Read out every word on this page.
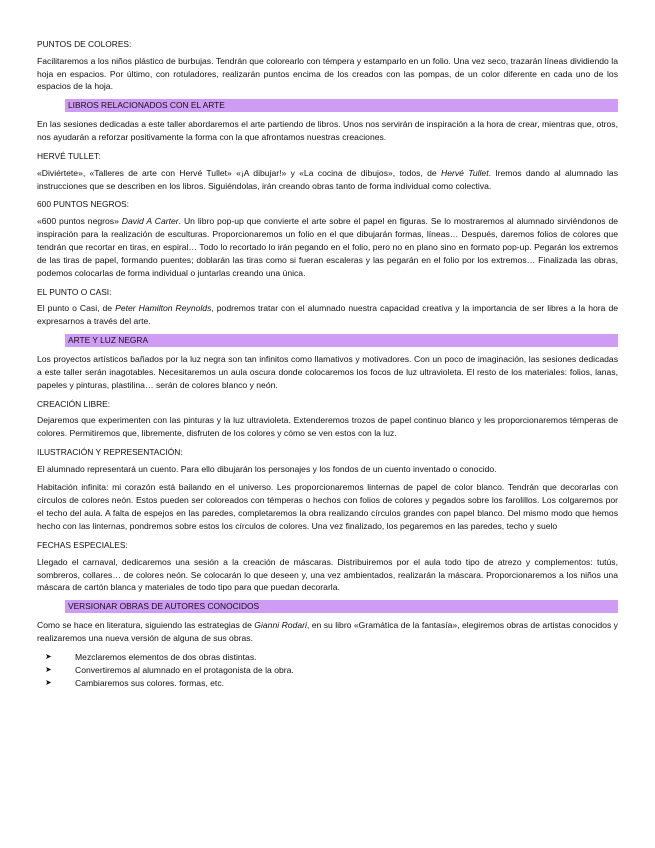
PUNTOS DE COLORES:

Facilitaremos a los niños plástico de burbujas. Tendrán que colorearlo con témpera y estamparlo en un folio. Una vez seco, trazarán líneas dividiendo la hoja en espacios. Por último, con rotuladores, realizarán puntos encima de los creados con las pompas, de un color diferente en cada uno de los espacios de la hoja.

LIBROS RELACIONADOS CON EL ARTE

En las sesiones dedicadas a este taller abordaremos el arte partiendo de libros. Unos nos servirán de inspiración a la hora de crear, mientras que, otros, nos ayudarán a reforzar positivamente la forma con la que afrontamos nuestras creaciones.

HERVÉ TULLET:

«Diviértete», «Talleres de arte con Hervé Tullet» «¡A dibujar!» y «La cocina de dibujos», todos, de Hervé Tullet. Iremos dando al alumnado las instrucciones que se describen en los libros. Siguiéndolas, irán creando obras tanto de forma individual como colectiva.

600 PUNTOS NEGROS:

«600 puntos negros» David A Carter. Un libro pop-up que convierte el arte sobre el papel en figuras. Se lo mostraremos al alumnado sirviéndonos de inspiración para la realización de esculturas. Proporcionaremos un folio en el que dibujarán formas, líneas… Después, daremos folios de colores que tendrán que recortar en tiras, en espiral… Todo lo recortado lo irán pegando en el folio, pero no en plano sino en formato pop-up. Pegarán los extremos de las tiras de papel, formando puentes; doblarán las tiras como si fueran escaleras y las pegarán en el folio por los extremos… Finalizada las obras, podemos colocarlas de forma individual o juntarlas creando una única.

EL PUNTO O CASI:

El punto o Casi, de Peter Hamilton Reynolds, podremos tratar con el alumnado nuestra capacidad creativa y la importancia de ser libres a la hora de expresarnos a través del arte.

ARTE Y LUZ NEGRA

Los proyectos artísticos bañados por la luz negra son tan infinitos como llamativos y motivadores. Con un poco de imaginación, las sesiones dedicadas a este taller serán inagotables. Necesitaremos un aula oscura donde colocaremos los focos de luz ultravioleta. El resto de los materiales: folios, lanas, papeles y pinturas, plastilina… serán de colores blanco y neón.

CREACIÓN LIBRE:

Dejaremos que experimenten con las pinturas y la luz ultravioleta. Extenderemos trozos de papel continuo blanco y les proporcionaremos témperas de colores. Permitiremos que, libremente, disfruten de los colores y cómo se ven estos con la luz.

ILUSTRACIÓN Y REPRESENTACIÓN:

El alumnado representará un cuento. Para ello dibujarán los personajes y los fondos de un cuento inventado o conocido.

Habitación infinita: mi corazón está bailando en el universo. Les proporcionaremos linternas de papel de color blanco. Tendrán que decorarlas con círculos de colores neón. Estos pueden ser coloreados con témperas o hechos con folios de colores y pegados sobre los farolillos. Los colgaremos por el techo del aula. A falta de espejos en las paredes, completaremos la obra realizando círculos grandes con papel blanco. Del mismo modo que hemos hecho con las linternas, pondremos sobre estos los círculos de colores. Una vez finalizado, los pegaremos en las paredes, techo y suelo

FECHAS ESPECIALES:

Llegado el carnaval, dedicaremos una sesión a la creación de máscaras. Distribuiremos por el aula todo tipo de atrezo y complementos: tutús, sombreros, collares… de colores neón. Se colocarán lo que deseen y, una vez ambientados, realizarán la máscara. Proporcionaremos a los niños una máscara de cartón blanca y materiales de todo tipo para que puedan decorarla.

VERSIONAR OBRAS DE AUTORES CONOCIDOS

Como se hace en literatura, siguiendo las estrategias de Gianni Rodari, en su libro «Gramática de la fantasía», elegiremos obras de artistas conocidos y realizaremos una nueva versión de alguna de sus obras.

➤	Mezclaremos elementos de dos obras distintas.
➤	Convertiremos al alumnado en el protagonista de la obra.
➤	Cambiaremos sus colores. formas, etc.
